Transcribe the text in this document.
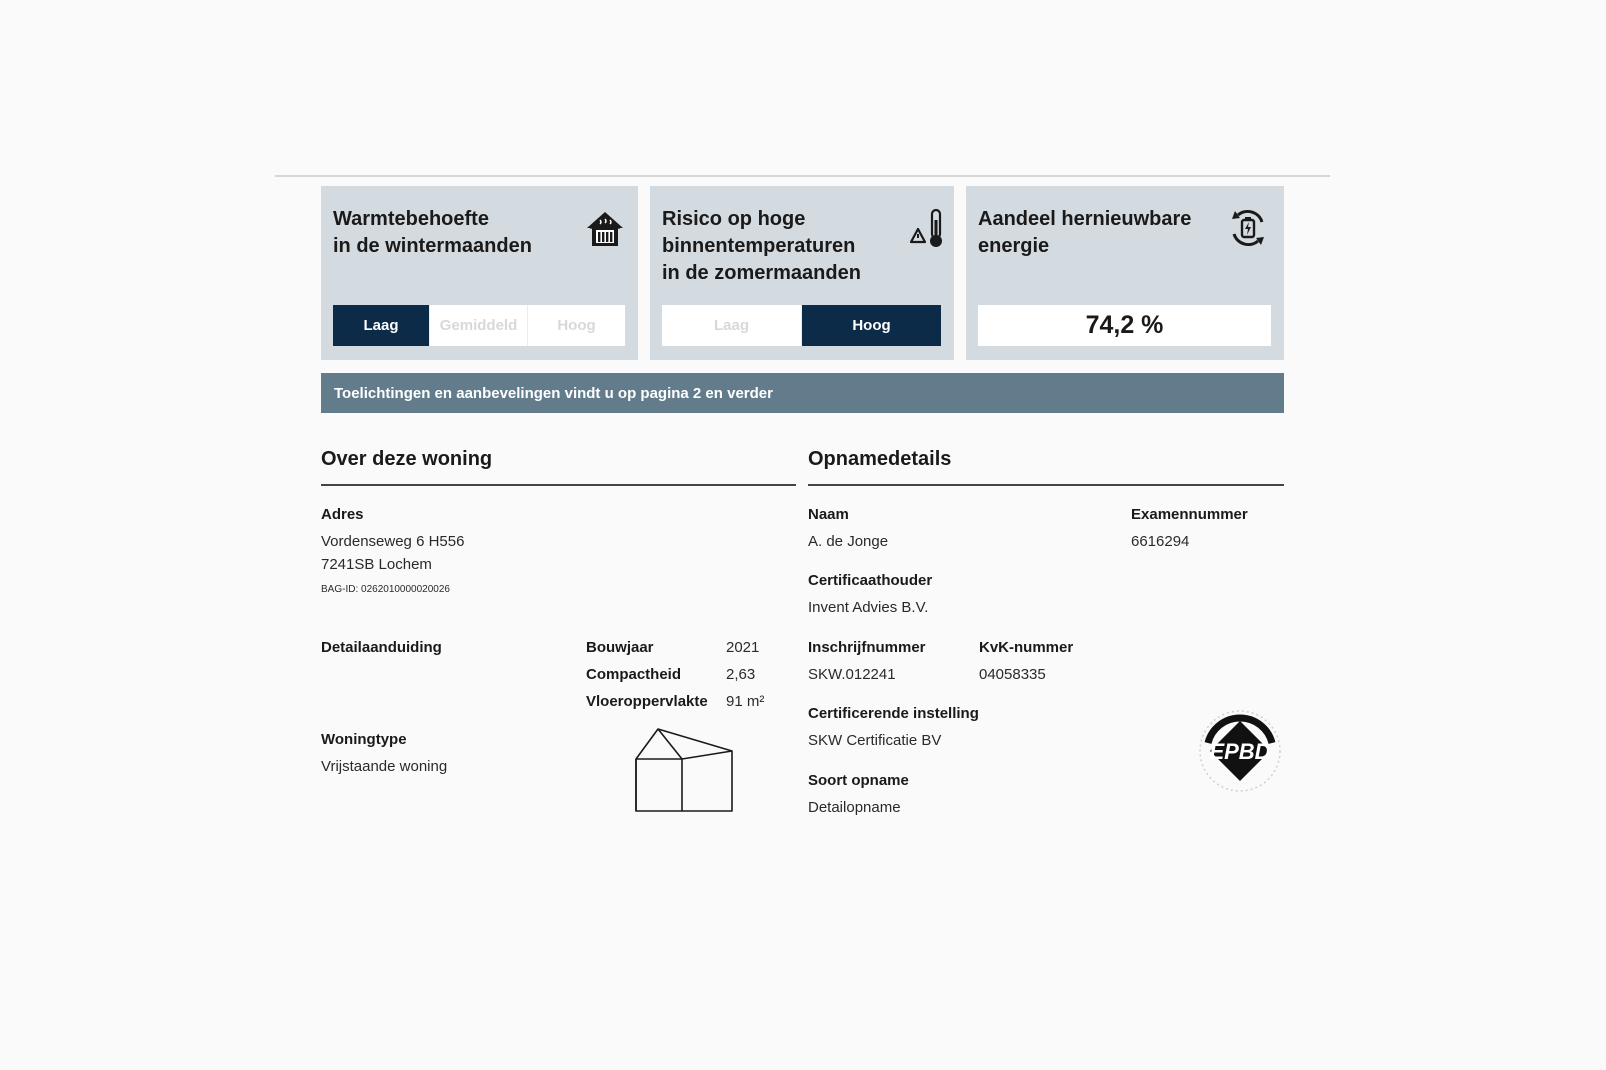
Warmtebehoefte
in de wintermaanden
Laag	Gemiddeld	Hoog
Risico op hoge
binnentemperaturen
in de zomermaanden
Laag	Hoog
Aandeel hernieuwbare
energie
74,2 %
Toelichtingen en aanbevelingen vindt u op pagina 2 en verder
Over deze woning
Adres
Vordenseweg 6 H556
7241SB Lochem
BAG-ID: 0262010000020026
Detailaanduiding	Bouwjaar	2021
Compactheid	2,63
Vloeroppervlakte 91 m²
Woningtype
Vrijstaande woning
Opnamedetails
Naam
A. de Jonge
Examennummer
6616294
Certificaathouder
Invent Advies B.V.
Inschrijfnummer
SKW.012241
KvK-nummer
04058335
Certificerende instelling
SKW Certificatie BV
Soort opname
Detailopname
EPBD
